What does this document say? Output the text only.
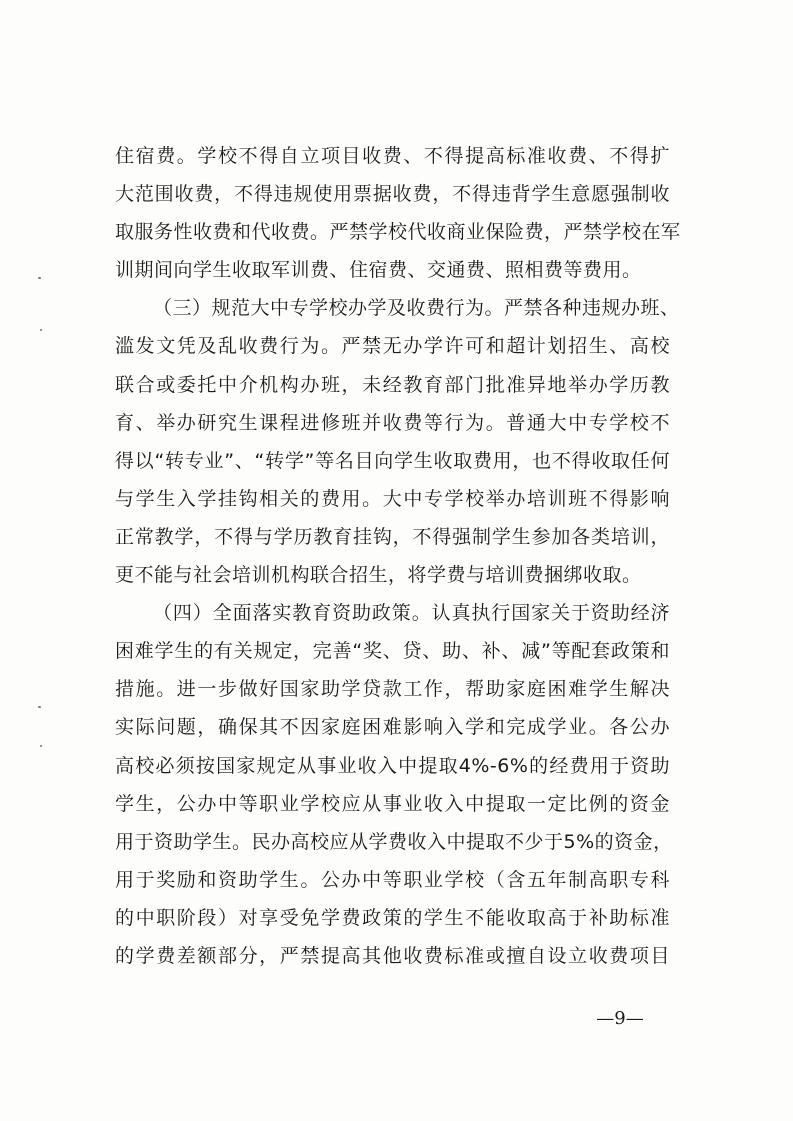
住宿费。学校不得自立项目收费、不得提高标准收费、不得扩
大范围收费，不得违规使用票据收费，不得违背学生意愿强制收
取服务性收费和代收费。严禁学校代收商业保险费，严禁学校在军
训期间向学生收取军训费、住宿费、交通费、照相费等费用。
（三）规范大中专学校办学及收费行为。严禁各种违规办班、
滥发文凭及乱收费行为。严禁无办学许可和超计划招生、高校
联合或委托中介机构办班，未经教育部门批准异地举办学历教
育、举办研究生课程进修班并收费等行为。普通大中专学校不
得以“转专业”、“转学”等名目向学生收取费用，也不得收取任何
与学生入学挂钩相关的费用。大中专学校举办培训班不得影响
正常教学，不得与学历教育挂钩，不得强制学生参加各类培训，
更不能与社会培训机构联合招生，将学费与培训费捆绑收取。
（四）全面落实教育资助政策。认真执行国家关于资助经济
困难学生的有关规定，完善“奖、贷、助、补、减”等配套政策和
措施。进一步做好国家助学贷款工作，帮助家庭困难学生解决
实际问题，确保其不因家庭困难影响入学和完成学业。各公办
高校必须按国家规定从事业收入中提取4%-6%的经费用于资助
学生，公办中等职业学校应从事业收入中提取一定比例的资金
用于资助学生。民办高校应从学费收入中提取不少于5%的资金，
用于奖励和资助学生。公办中等职业学校（含五年制高职专科
的中职阶段）对享受免学费政策的学生不能收取高于补助标准
的学费差额部分，严禁提高其他收费标准或擅自设立收费项目
—9—
